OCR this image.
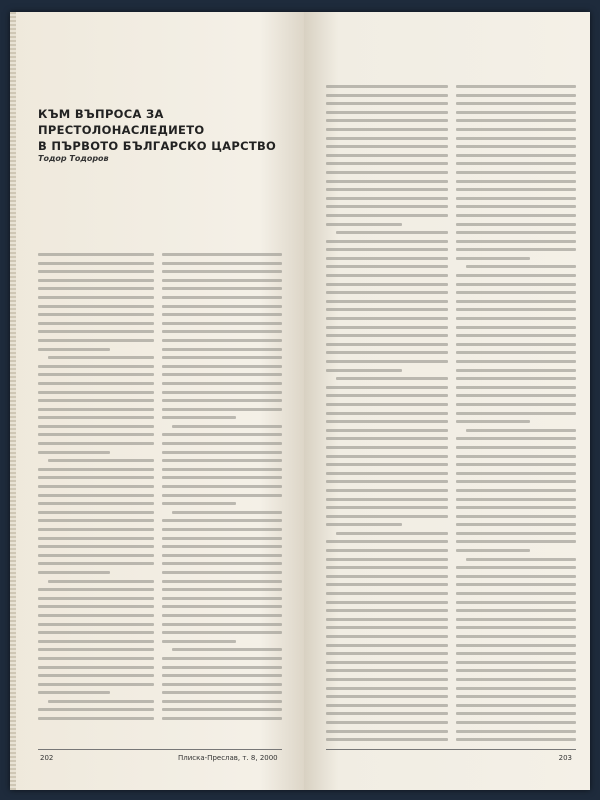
КЪМ ВЪПРОСА ЗА ПРЕСТОЛОНАСЛЕДИЕТО
В ПЪРВОТО БЪЛГАРСКО ЦАРСТВО
Тодор Тодоров
202	Плиска-Преслав, т. 8, 2000	203
